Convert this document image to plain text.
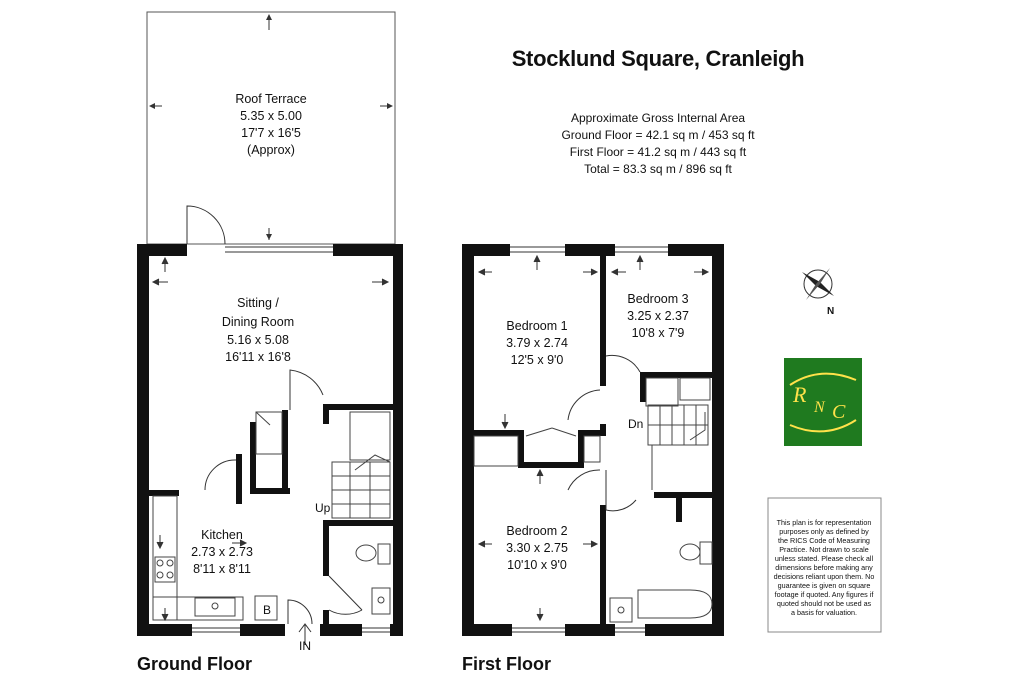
Stocklund Square, Cranleigh
Approximate Gross Internal Area
Ground Floor = 42.1 sq m / 453 sq ft
First Floor = 41.2 sq m / 443 sq ft
Total = 83.3 sq m / 896 sq ft
Roof Terrace
5.35 x 5.00
17'7 x 16'5
(Approx)
Sitting /
Dining Room
5.16 x 5.08
16'11 x 16'8
Kitchen
2.73 x 2.73
8'11 x 8'11
Up
B
IN
Ground Floor
Bedroom 1
3.79 x 2.74
12'5 x 9'0
Bedroom 2
3.30 x 2.75
10'10 x 9'0
Bedroom 3
3.25 x 2.37
10'8 x 7'9
Dn
First Floor
N
R
N C
This plan is for representation
purposes only as defined by
the RICS Code of Measuring
Practice. Not drawn to scale
unless stated. Please check all
dimensions before making any
decisions reliant upon them. No
guarantee is given on square
footage if quoted. Any figures if
quoted should not be used as
a basis for valuation.
